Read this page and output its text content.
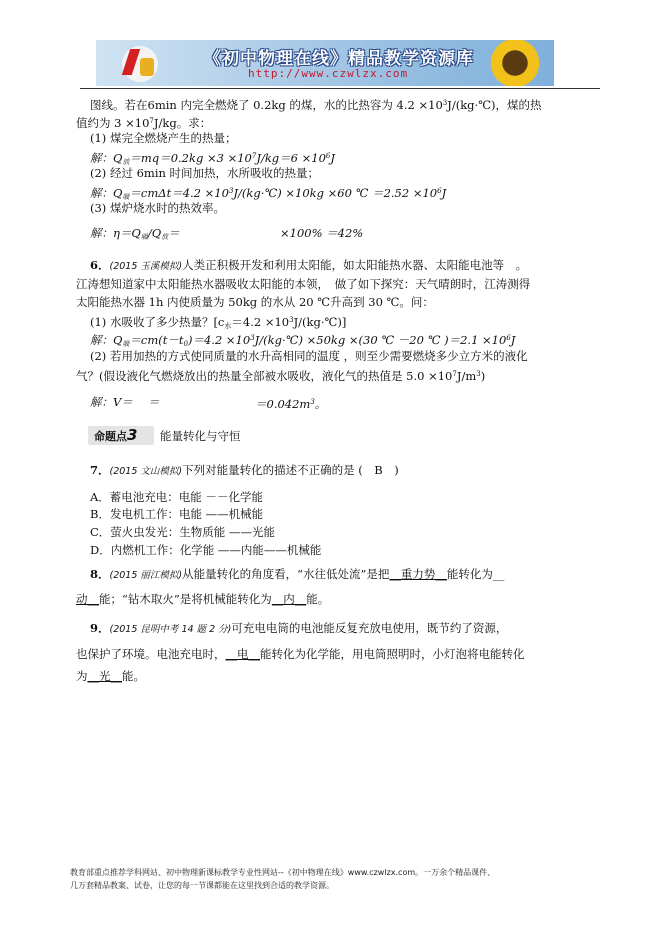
《初中物理在线》精品教学资源库
http://www.czwlzx.com
图线。若在6min 内完全燃烧了 0.2kg 的煤，水的比热容为 $4.2 \times 10^3J/(kg\cdot℃)$，煤的热
值约为 $3 \times 10^7J/kg$。求：
(1) 煤完全燃烧产生的热量；
解：$Q_放=mq=0.2kg \times 3 \times 10^7J/kg=6 \times 10^6J$
(2) 经过 6min 时间加热，水所吸收的热量；
解：$Q_吸=cm\Delta t=4.2$ $\times 10^3J/(kg\cdot℃) \times 10kg \times 60$ ℃ $=2.52 \times 10^6J$
(3) 煤炉烧水时的热效率。
解：$\eta=Q_吸/Q_放=$	×100% ＝42%
6．(2015 玉溪模拟)人类正积极开发和利用太阳能，如太阳能热水器、太阳能电池等　。
江涛想知道家中太阳能热水器吸收太阳能的本领，　做了如下探究：天气晴朗时，江涛测得
太阳能热水器 1h 内使质量为 50kg 的水从 20 ℃升高到 30 ℃。问：
(1) 水吸收了多少热量？[$c_水=4.2$ $\times 10^3J/(kg\cdot℃)$]
解：$Q_吸=cm(t-t_0)=4.2$ $\times 10^3J/(kg\cdot℃) \times 50kg \times(30$ ℃ －20 ℃ )$=2.1 \times 10^6J$
(2) 若用加热的方式使同质量的水升高相同的温度 ，则至少需要燃烧多少立方米的液化
气？(假设液化气燃烧放出的热量全部被水吸收，液化气的热值是 $5.0 \times 10^7J/m^3$)
解：V＝　 ＝	$=0.042m^3$。
命题点3	能量转化与守恒
7．(2015 文山模拟)下列对能量转化的描述不正确的是 (　B　)
A．蓄电池充电：电能 －－化学能
B．发电机工作：电能 ——机械能
C．萤火虫发光：生物质能 ——光能
D．内燃机工作：化学能 ——内能——机械能
8．(2015 丽江模拟)从能量转化的角度看，“水往低处流”是把__重力势__能转化为__
动__能；“钻木取火”是将机械能转化为__内__能。
9．(2015 昆明中考 14 题 2 分)可充电电筒的电池能反复充放电使用，既节约了资源，
也保护了环境。电池充电时，__电__能转化为化学能，用电筒照明时，小灯泡将电能转化
为__光__能。
教育部重点推荐学科网站、初中物理新课标教学专业性网站--《初中物理在线》www.czwlzx.com。一万余个精品课件、
几万套精品教案、试卷，让您的每一节课都能在这里找到合适的教学资源。
